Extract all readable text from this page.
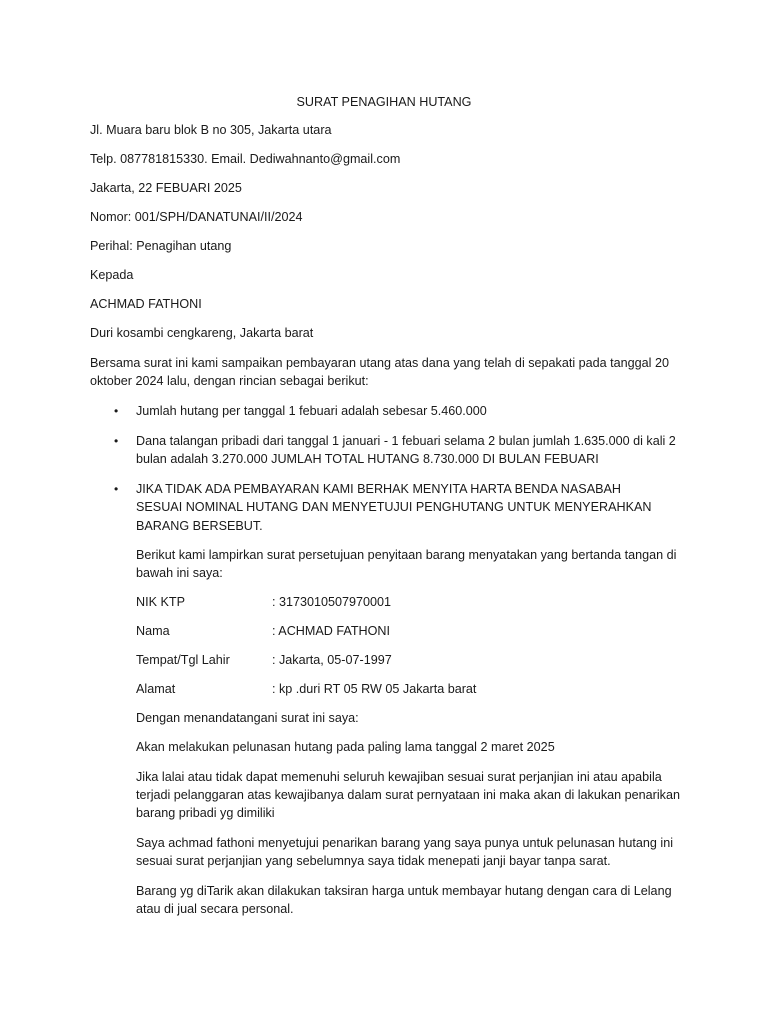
SURAT PENAGIHAN HUTANG
Jl. Muara baru blok B no 305, Jakarta utara
Telp. 087781815330. Email. Dediwahnanto@gmail.com
Jakarta, 22 FEBUARI 2025
Nomor: 001/SPH/DANATUNAI/II/2024
Perihal: Penagihan utang
Kepada
ACHMAD FATHONI
Duri kosambi cengkareng, Jakarta barat
Bersama surat ini kami sampaikan pembayaran utang atas dana yang telah di sepakati pada tanggal 20 oktober 2024 lalu, dengan rincian sebagai berikut:
• Jumlah hutang per tanggal 1 febuari adalah sebesar 5.460.000
• Dana talangan pribadi dari tanggal 1 januari - 1 febuari selama 2 bulan jumlah 1.635.000 di kali 2 bulan adalah 3.270.000 JUMLAH TOTAL HUTANG 8.730.000 DI BULAN FEBUARI
• JIKA TIDAK ADA PEMBAYARAN KAMI BERHAK MENYITA HARTA BENDA NASABAH SESUAI NOMINAL HUTANG DAN MENYETUJUI PENGHUTANG UNTUK MENYERAHKAN BARANG BERSEBUT.
Berikut kami lampirkan surat persetujuan penyitaan barang menyatakan yang bertanda tangan di bawah ini saya:
NIK KTP	: 3173010507970001
Nama	: ACHMAD FATHONI
Tempat/Tgl Lahir	: Jakarta, 05-07-1997
Alamat	: kp .duri RT 05 RW 05 Jakarta barat
Dengan menandatangani surat ini saya:
Akan melakukan pelunasan hutang pada paling lama tanggal 2 maret 2025
Jika lalai atau tidak dapat memenuhi seluruh kewajiban sesuai surat perjanjian ini atau apabila terjadi pelanggaran atas kewajibanya dalam surat pernyataan ini maka akan di lakukan penarikan barang pribadi yg dimiliki
Saya achmad fathoni menyetujui penarikan barang yang saya punya untuk pelunasan hutang ini sesuai surat perjanjian yang sebelumnya saya tidak menepati janji bayar tanpa sarat.
Barang yg diTarik akan dilakukan taksiran harga untuk membayar hutang dengan cara di Lelang atau di jual secara personal.
